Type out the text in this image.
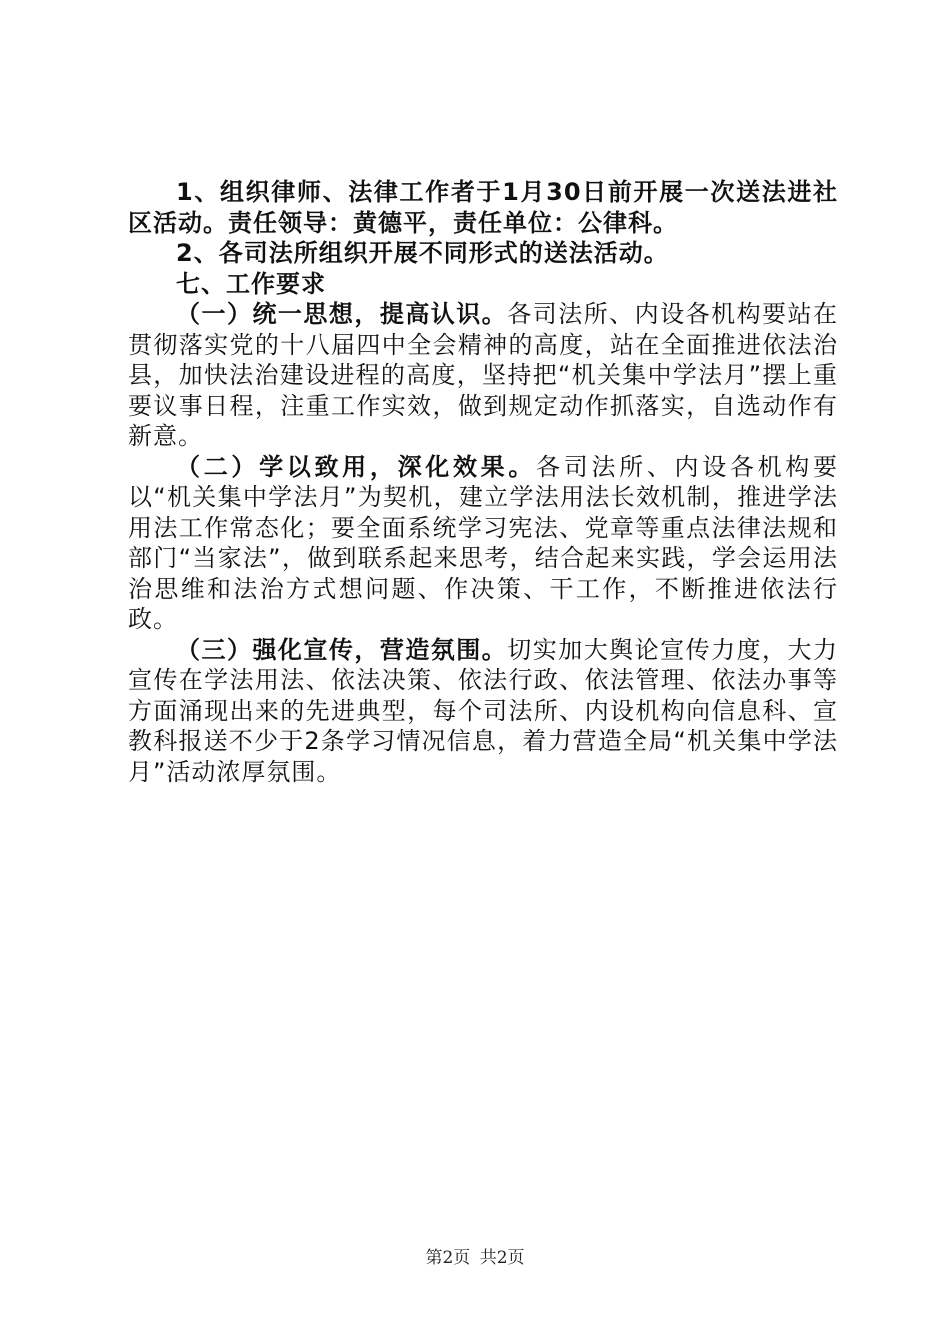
1、组织律师、法律工作者于1月30日前开展一次送法进社区活动。责任领导：黄德平，责任单位：公律科。

2、各司法所组织开展不同形式的送法活动。

七、工作要求

（一）统一思想，提高认识。各司法所、内设各机构要站在贯彻落实党的十八届四中全会精神的高度，站在全面推进依法治县，加快法治建设进程的高度，坚持把“机关集中学法月”摆上重要议事日程，注重工作实效，做到规定动作抓落实，自选动作有新意。

（二）学以致用，深化效果。各司法所、内设各机构要以“机关集中学法月”为契机，建立学法用法长效机制，推进学法用法工作常态化；要全面系统学习宪法、党章等重点法律法规和部门“当家法”，做到联系起来思考，结合起来实践，学会运用法治思维和法治方式想问题、作决策、干工作，不断推进依法行政。

（三）强化宣传，营造氛围。切实加大舆论宣传力度，大力宣传在学法用法、依法决策、依法行政、依法管理、依法办事等方面涌现出来的先进典型，每个司法所、内设机构向信息科、宣教科报送不少于2条学习情况信息，着力营造全局“机关集中学法月”活动浓厚氛围。

第2页 共2页
